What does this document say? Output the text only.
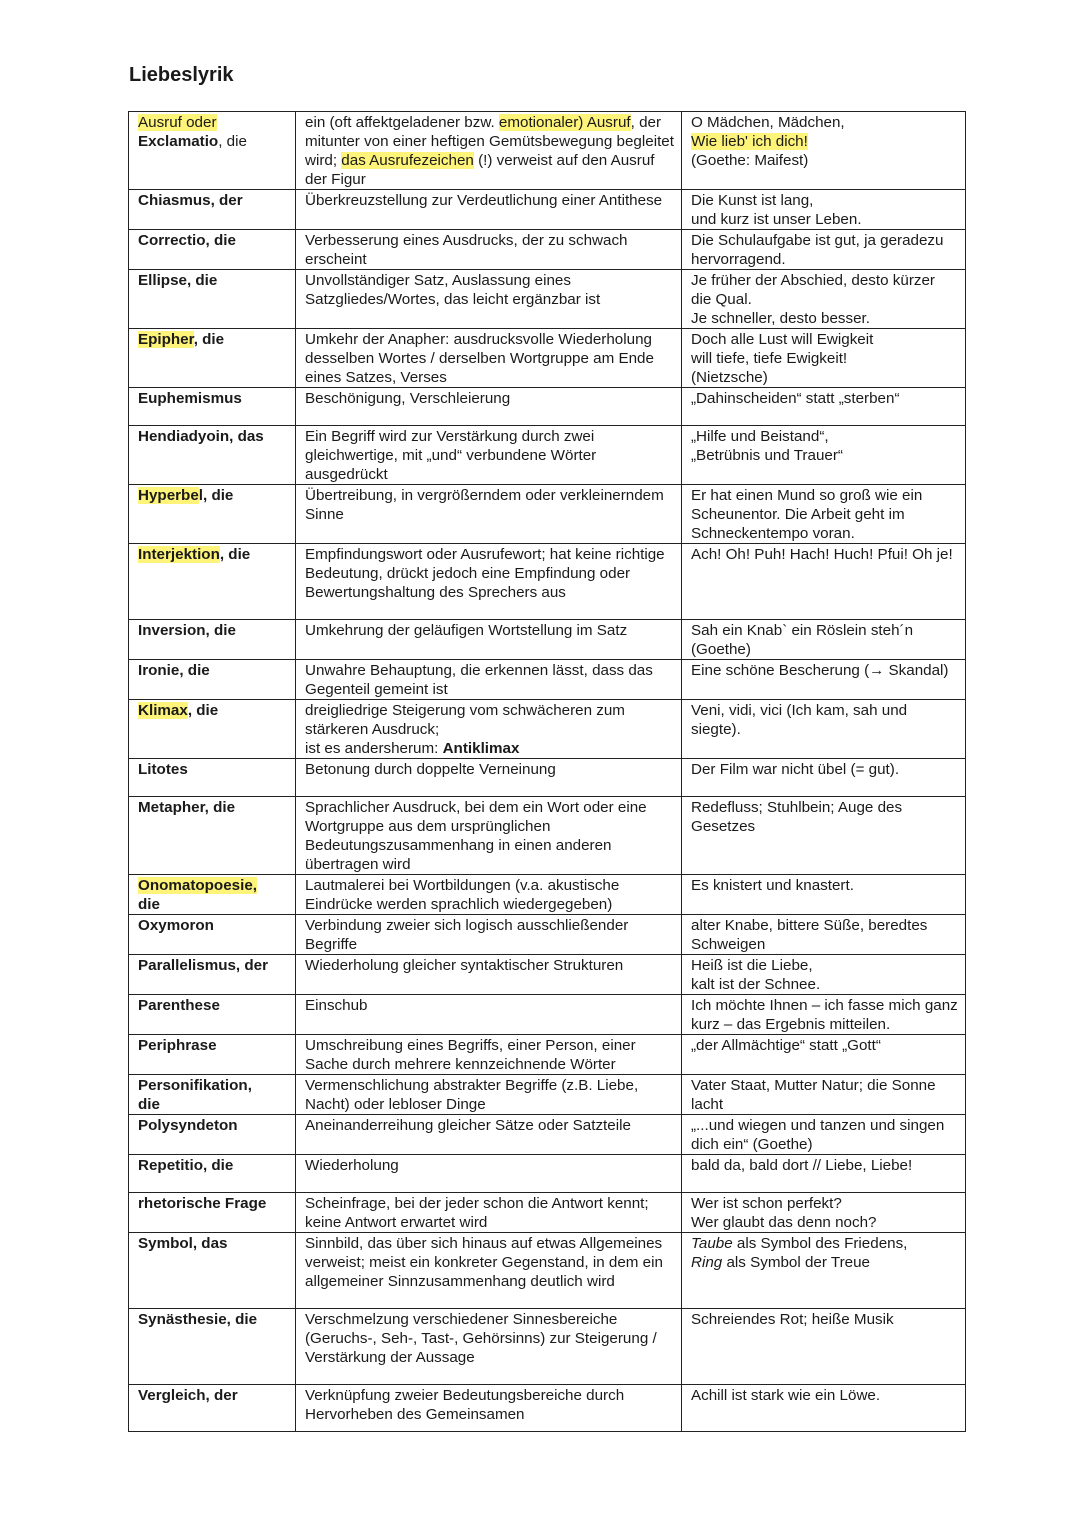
Liebeslyrik
Ausruf oder
Exclamatio, die	ein (oft affektgeladener bzw. emotionaler) Ausruf, der mitunter von einer heftigen Gemütsbewegung begleitet wird; das Ausrufezeichen (!) verweist auf den Ausruf der Figur	O Mädchen, Mädchen,
Wie lieb' ich dich!
(Goethe: Maifest)
Chiasmus, der	Überkreuzstellung zur Verdeutlichung einer Antithese	Die Kunst ist lang,
und kurz ist unser Leben.
Correctio, die	Verbesserung eines Ausdrucks, der zu schwach erscheint	Die Schulaufgabe ist gut, ja geradezu hervorragend.
Ellipse, die	Unvollständiger Satz, Auslassung eines Satzgliedes/Wortes, das leicht ergänzbar ist	Je früher der Abschied, desto kürzer die Qual.
Je schneller, desto besser.
Epipher, die	Umkehr der Anapher: ausdrucksvolle Wiederholung desselben Wortes / derselben Wortgruppe am Ende eines Satzes, Verses	Doch alle Lust will Ewigkeit
will tiefe, tiefe Ewigkeit!
(Nietzsche)
Euphemismus	Beschönigung, Verschleierung	„Dahinscheiden“ statt „sterben“
Hendiadyoin, das	Ein Begriff wird zur Verstärkung durch zwei gleichwertige, mit „und“ verbundene Wörter ausgedrückt	„Hilfe und Beistand“,
„Betrübnis und Trauer“
Hyperbel, die	Übertreibung, in vergrößerndem oder verkleinerndem Sinne	Er hat einen Mund so groß wie ein Scheunentor. Die Arbeit geht im Schneckentempo voran.
Interjektion, die	Empfindungswort oder Ausrufewort; hat keine richtige Bedeutung, drückt jedoch eine Empfindung oder Bewertungshaltung des Sprechers aus	Ach! Oh! Puh! Hach! Huch! Pfui! Oh je!
Inversion, die	Umkehrung der geläufigen Wortstellung im Satz	Sah ein Knab` ein Röslein steh´n (Goethe)
Ironie, die	Unwahre Behauptung, die erkennen lässt, dass das Gegenteil gemeint ist	Eine schöne Bescherung (→ Skandal)
Klimax, die	dreigliedrige Steigerung vom schwächeren zum stärkeren Ausdruck;
ist es andersherum: Antiklimax	Veni, vidi, vici (Ich kam, sah und siegte).
Litotes	Betonung durch doppelte Verneinung	Der Film war nicht übel (= gut).
Metapher, die	Sprachlicher Ausdruck, bei dem ein Wort oder eine Wortgruppe aus dem ursprünglichen Bedeutungszusammenhang in einen anderen übertragen wird	Redefluss; Stuhlbein; Auge des Gesetzes
Onomatopoesie,
die	Lautmalerei bei Wortbildungen (v.a. akustische Eindrücke werden sprachlich wiedergegeben)	Es knistert und knastert.
Oxymoron	Verbindung zweier sich logisch ausschließender Begriffe	alter Knabe, bittere Süße, beredtes Schweigen
Parallelismus, der	Wiederholung gleicher syntaktischer Strukturen	Heiß ist die Liebe,
kalt ist der Schnee.
Parenthese	Einschub	Ich möchte Ihnen – ich fasse mich ganz kurz – das Ergebnis mitteilen.
Periphrase	Umschreibung eines Begriffs, einer Person, einer Sache durch mehrere kennzeichnende Wörter	„der Allmächtige“ statt „Gott“
Personifikation,
die	Vermenschlichung abstrakter Begriffe (z.B. Liebe, Nacht) oder lebloser Dinge	Vater Staat, Mutter Natur; die Sonne lacht
Polysyndeton	Aneinanderreihung gleicher Sätze oder Satzteile	„...und wiegen und tanzen und singen dich ein“ (Goethe)
Repetitio, die	Wiederholung	bald da, bald dort // Liebe, Liebe!
rhetorische Frage	Scheinfrage, bei der jeder schon die Antwort kennt; keine Antwort erwartet wird	Wer ist schon perfekt?
Wer glaubt das denn noch?
Symbol, das	Sinnbild, das über sich hinaus auf etwas Allgemeines verweist; meist ein konkreter Gegenstand, in dem ein allgemeiner Sinnzusammenhang deutlich wird	Taube als Symbol des Friedens,
Ring als Symbol der Treue
Synästhesie, die	Verschmelzung verschiedener Sinnesbereiche (Geruchs-, Seh-, Tast-, Gehörsinns) zur Steigerung / Verstärkung der Aussage	Schreiendes Rot; heiße Musik
Vergleich, der	Verknüpfung zweier Bedeutungsbereiche durch Hervorheben des Gemeinsamen	Achill ist stark wie ein Löwe.
